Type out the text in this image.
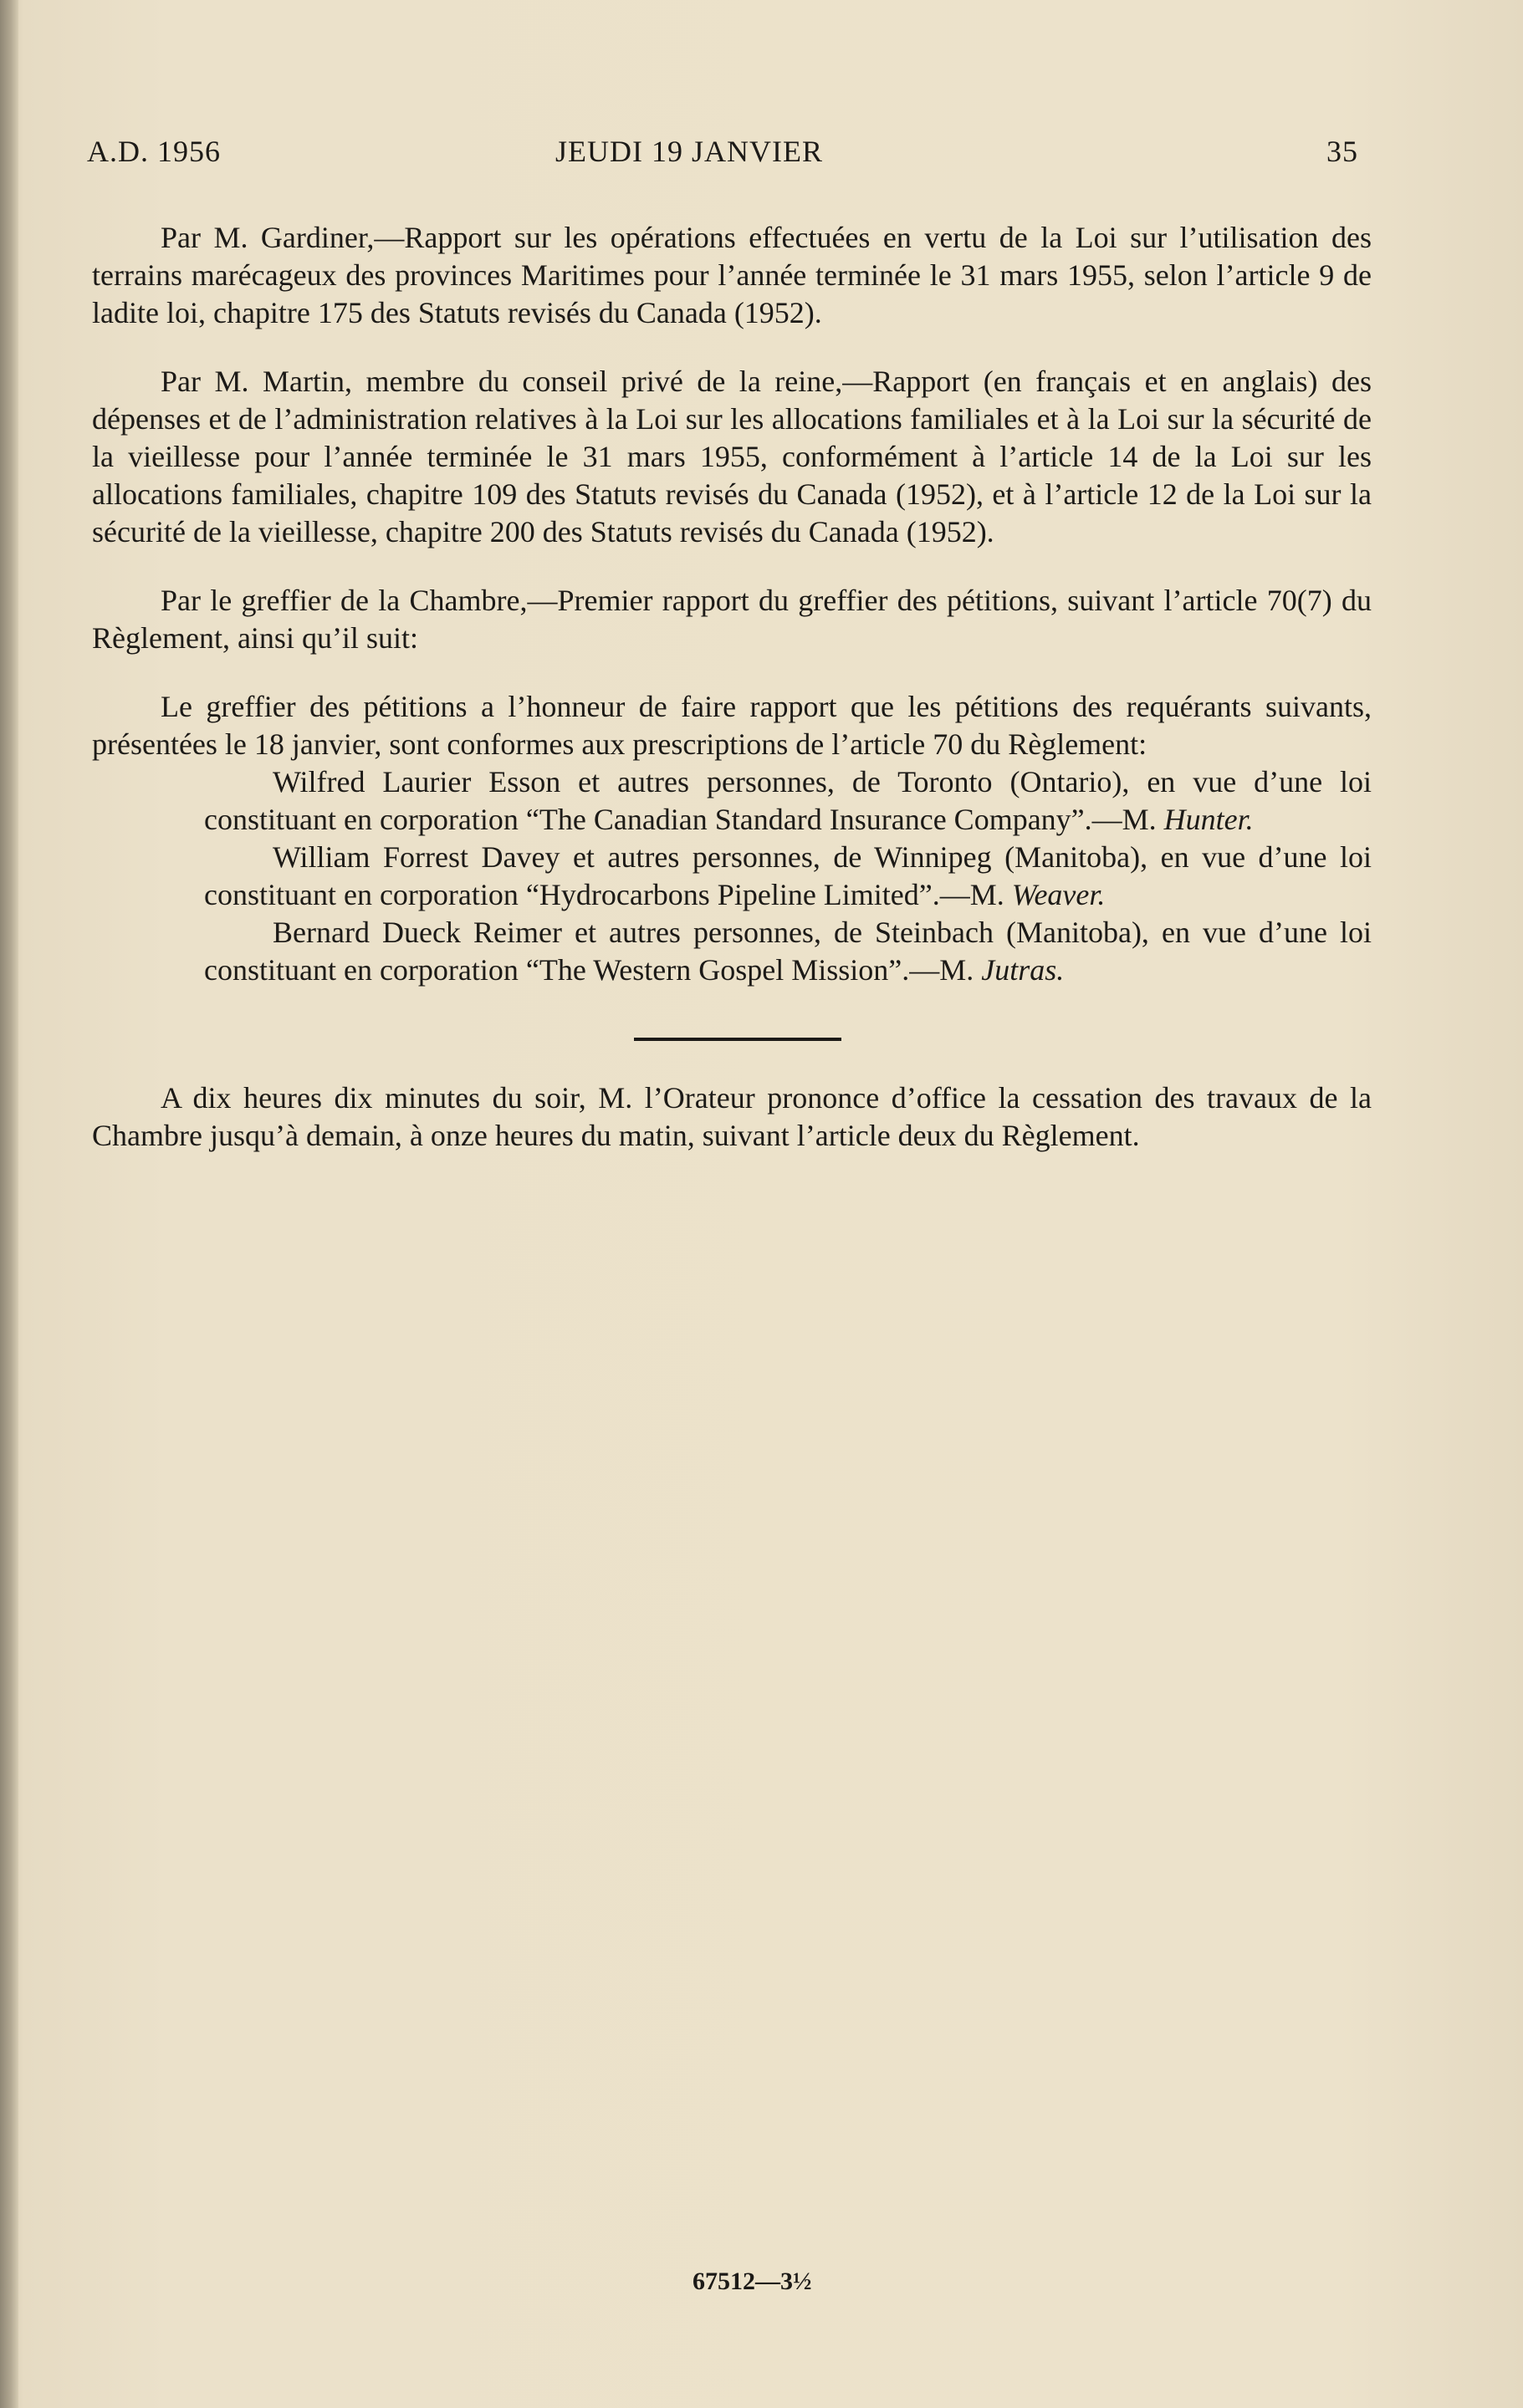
A.D. 1956	JEUDI 19 JANVIER	35

Par M. Gardiner,—Rapport sur les opérations effectuées en vertu de la Loi sur l’utilisation des terrains marécageux des provinces Maritimes pour l’année terminée le 31 mars 1955, selon l’article 9 de ladite loi, chapitre 175 des Statuts revisés du Canada (1952).

Par M. Martin, membre du conseil privé de la reine,—Rapport (en français et en anglais) des dépenses et de l’administration relatives à la Loi sur les allocations familiales et à la Loi sur la sécurité de la vieillesse pour l’année terminée le 31 mars 1955, conformément à l’article 14 de la Loi sur les allocations familiales, chapitre 109 des Statuts revisés du Canada (1952), et à l’article 12 de la Loi sur la sécurité de la vieillesse, chapitre 200 des Statuts revisés du Canada (1952).

Par le greffier de la Chambre,—Premier rapport du greffier des pétitions, suivant l’article 70(7) du Règlement, ainsi qu’il suit:

Le greffier des pétitions a l’honneur de faire rapport que les pétitions des requérants suivants, présentées le 18 janvier, sont conformes aux prescriptions de l’article 70 du Règlement:

Wilfred Laurier Esson et autres personnes, de Toronto (Ontario), en vue d’une loi constituant en corporation “The Canadian Standard Insurance Company”.—M. Hunter.

William Forrest Davey et autres personnes, de Winnipeg (Manitoba), en vue d’une loi constituant en corporation “Hydrocarbons Pipeline Limited”.—M. Weaver.

Bernard Dueck Reimer et autres personnes, de Steinbach (Manitoba), en vue d’une loi constituant en corporation “The Western Gospel Mission”.—M. Jutras.

A dix heures dix minutes du soir, M. l’Orateur prononce d’office la cessation des travaux de la Chambre jusqu’à demain, à onze heures du matin, suivant l’article deux du Règlement.

67512—3½
